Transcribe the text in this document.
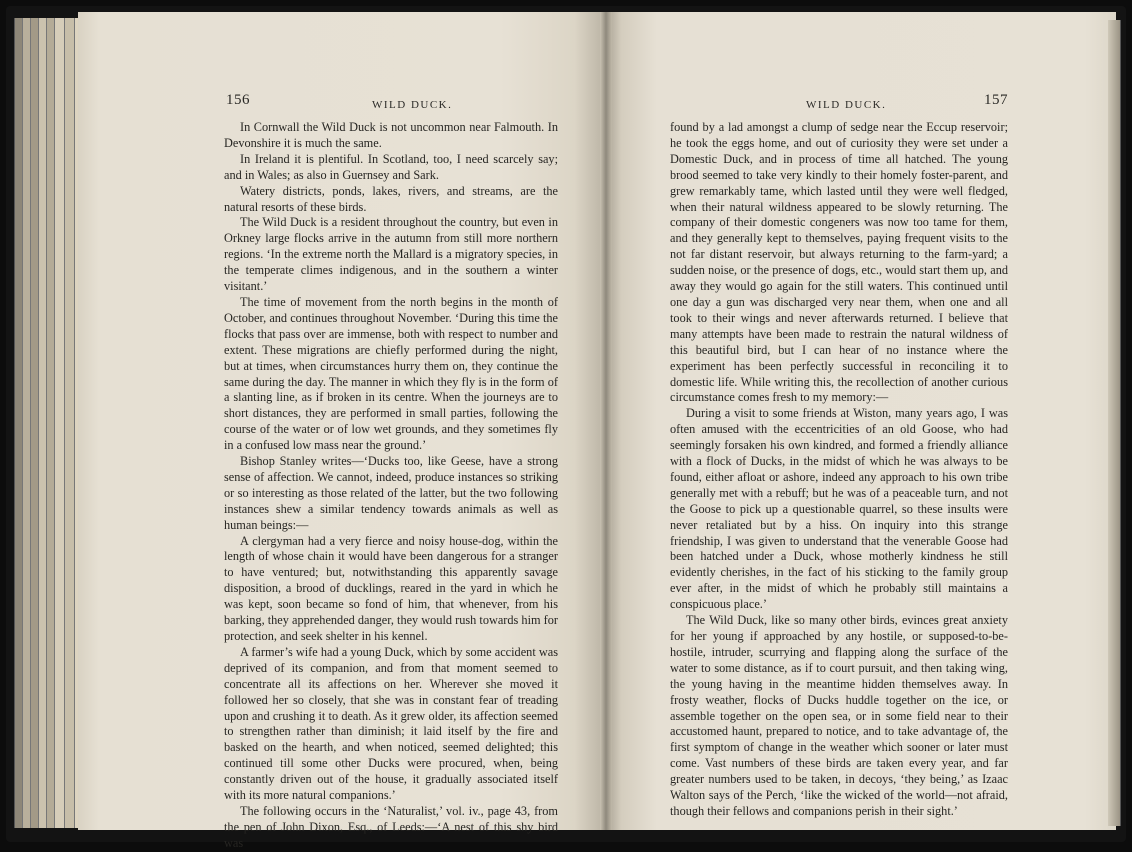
156	WILD DUCK.	WILD DUCK.	157

In Cornwall the Wild Duck is not uncommon near Falmouth. In Devonshire it is much the same.

In Ireland it is plentiful. In Scotland, too, I need scarcely say; and in Wales; as also in Guernsey and Sark.

Watery districts, ponds, lakes, rivers, and streams, are the natural resorts of these birds.

The Wild Duck is a resident throughout the country, but even in Orkney large flocks arrive in the autumn from still more northern regions. ‘In the extreme north the Mallard is a migratory species, in the temperate climes indigenous, and in the southern a winter visitant.’

The time of movement from the north begins in the month of October, and continues throughout November. ‘During this time the flocks that pass over are immense, both with respect to number and extent. These migrations are chiefly performed during the night, but at times, when circumstances hurry them on, they continue the same during the day. The manner in which they fly is in the form of a slanting line, as if broken in its centre. When the journeys are to short distances, they are performed in small parties, following the course of the water or of low wet grounds, and they sometimes fly in a confused low mass near the ground.’

Bishop Stanley writes—‘Ducks too, like Geese, have a strong sense of affection. We cannot, indeed, produce instances so striking or so interesting as those related of the latter, but the two following instances shew a similar tendency towards animals as well as human beings:—

A clergyman had a very fierce and noisy house-dog, within the length of whose chain it would have been dangerous for a stranger to have ventured; but, notwithstanding this apparently savage disposition, a brood of ducklings, reared in the yard in which he was kept, soon became so fond of him, that whenever, from his barking, they apprehended danger, they would rush towards him for protection, and seek shelter in his kennel.

A farmer’s wife had a young Duck, which by some accident was deprived of its companion, and from that moment seemed to concentrate all its affections on her. Wherever she moved it followed her so closely, that she was in constant fear of treading upon and crushing it to death. As it grew older, its affection seemed to strengthen rather than diminish; it laid itself by the fire and basked on the hearth, and when noticed, seemed delighted; this continued till some other Ducks were procured, when, being constantly driven out of the house, it gradually associated itself with its more natural companions.’

The following occurs in the ‘Naturalist,’ vol. iv., page 43, from the pen of John Dixon, Esq., of Leeds:—‘A nest of this shy bird was

found by a lad amongst a clump of sedge near the Eccup reservoir; he took the eggs home, and out of curiosity they were set under a Domestic Duck, and in process of time all hatched. The young brood seemed to take very kindly to their homely foster-parent, and grew remarkably tame, which lasted until they were well fledged, when their natural wildness appeared to be slowly returning. The company of their domestic congeners was now too tame for them, and they generally kept to themselves, paying frequent visits to the not far distant reservoir, but always returning to the farm-yard; a sudden noise, or the presence of dogs, etc., would start them up, and away they would go again for the still waters. This continued until one day a gun was discharged very near them, when one and all took to their wings and never afterwards returned. I believe that many attempts have been made to restrain the natural wildness of this beautiful bird, but I can hear of no instance where the experiment has been perfectly successful in reconciling it to domestic life. While writing this, the recollection of another curious circumstance comes fresh to my memory:—

During a visit to some friends at Wiston, many years ago, I was often amused with the eccentricities of an old Goose, who had seemingly forsaken his own kindred, and formed a friendly alliance with a flock of Ducks, in the midst of which he was always to be found, either afloat or ashore, indeed any approach to his own tribe generally met with a rebuff; but he was of a peaceable turn, and not the Goose to pick up a questionable quarrel, so these insults were never retaliated but by a hiss. On inquiry into this strange friendship, I was given to understand that the venerable Goose had been hatched under a Duck, whose motherly kindness he still evidently cherishes, in the fact of his sticking to the family group ever after, in the midst of which he probably still maintains a conspicuous place.’

The Wild Duck, like so many other birds, evinces great anxiety for her young if approached by any hostile, or supposed-to-be-hostile, intruder, scurrying and flapping along the surface of the water to some distance, as if to court pursuit, and then taking wing, the young having in the meantime hidden themselves away. In frosty weather, flocks of Ducks huddle together on the ice, or assemble together on the open sea, or in some field near to their accustomed haunt, prepared to notice, and to take advantage of, the first symptom of change in the weather which sooner or later must come. Vast numbers of these birds are taken every year, and far greater numbers used to be taken, in decoys, ‘they being,’ as Izaac Walton says of the Perch, ‘like the wicked of the world—not afraid, though their fellows and companions perish in their sight.’
